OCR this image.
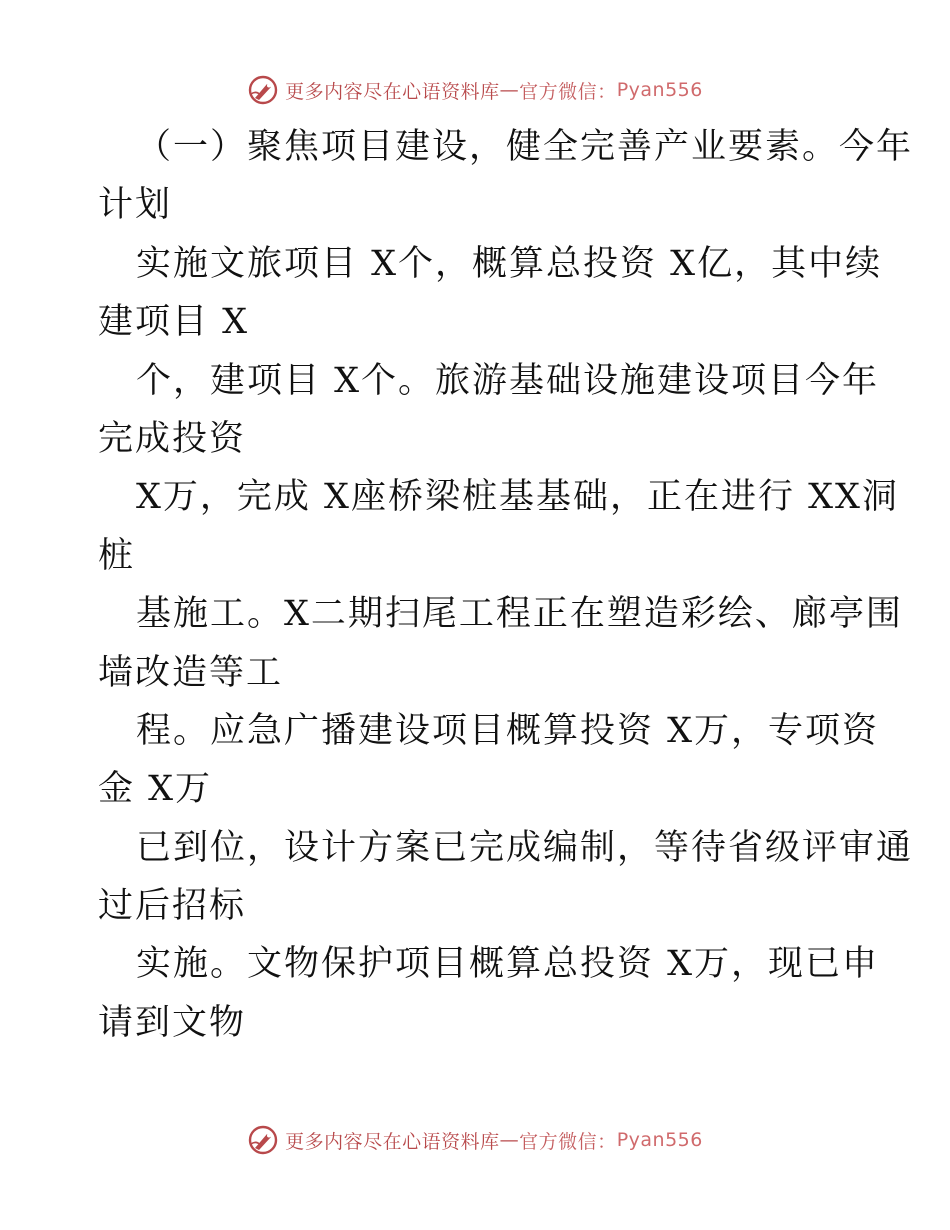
更多内容尽在心语资料库 — 官方微信： Pyan556
（一）聚焦项目建设，健全完善产业要素。今年
计划
实施文旅项目 X个，概算总投资 X亿，其中续
建项目 X
个，建项目 X个。旅游基础设施建设项目今年
完成投资
X万，完成 X座桥梁桩基基础，正在进行 XX洞
桩
基施工。X二期扫尾工程正在塑造彩绘、廊亭围
墙改造等工
程。应急广播建设项目概算投资 X万，专项资
金 X万
已到位，设计方案已完成编制，等待省级评审通
过后招标
实施。文物保护项目概算总投资 X万，现已申
请到文物
更多内容尽在心语资料库 — 官方微信： Pyan556
